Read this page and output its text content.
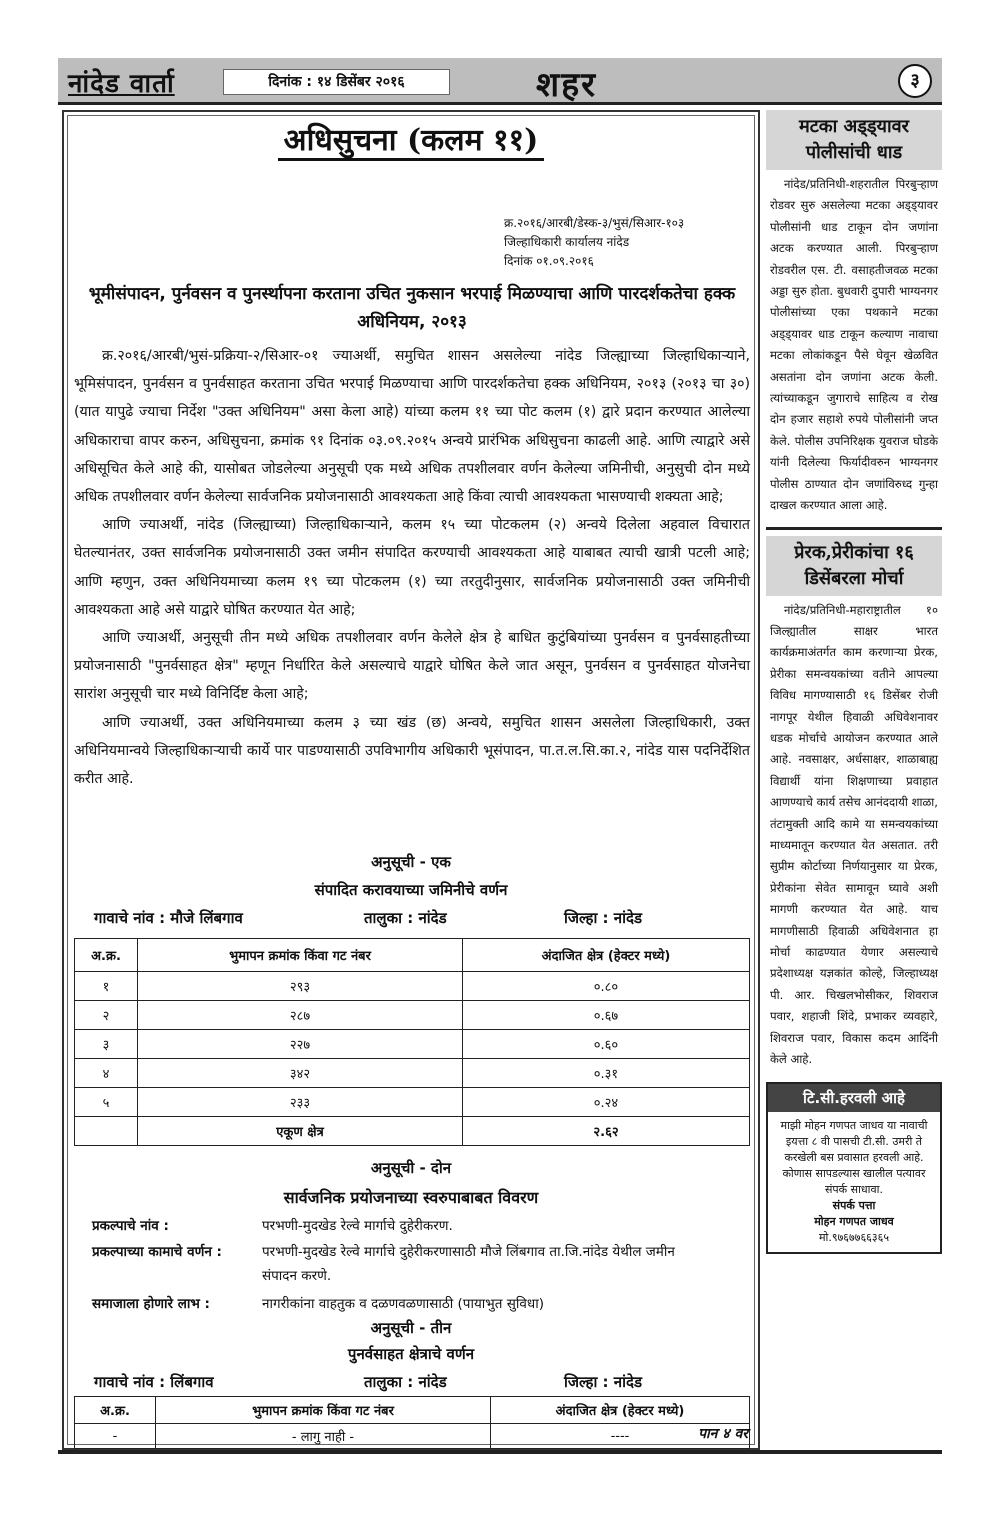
नांदेड वार्ता	दिनांक : १४ डिसेंबर २०१६	शहर	३
अधिसुचना (कलम ११)
क्र.२०१६/आरबी/डेस्क-३/भुसं/सिआर-१०३
जिल्हाधिकारी कार्यालय नांदेड
दिनांक ०१.०९.२०१६
भूमीसंपादन, पुर्नवसन व पुनर्स्थापना करताना उचित नुकसान भरपाई मिळण्याचा आणि पारदर्शकतेचा हक्क अधिनियम, २०१३

क्र.२०१६/आरबी/भुसं-प्रक्रिया-२/सिआर-०१ ज्याअर्थी, समुचित शासन असलेल्या नांदेड जिल्ह्याच्या जिल्हाधिकाऱ्याने, भूमिसंपादन, पुनर्वसन व पुनर्वसाहत करताना उचित भरपाई मिळण्याचा आणि पारदर्शकतेचा हक्क अधिनियम, २०१३ (२०१३ चा ३०) (यात यापुढे ज्याचा निर्देश "उक्त अधिनियम" असा केला आहे) यांच्या कलम ११ च्या पोट कलम (१) द्वारे प्रदान करण्यात आलेल्या अधिकाराचा वापर करुन, अधिसुचना, क्रमांक ९१ दिनांक ०३.०९.२०१५ अन्वये प्रारंभिक अधिसुचना काढली आहे. आणि त्याद्वारे असे अधिसूचित केले आहे की, यासोबत जोडलेल्या अनुसूची एक मध्ये अधिक तपशीलवार वर्णन केलेल्या जमिनीची, अनुसुची दोन मध्ये अधिक तपशीलवार वर्णन केलेल्या सार्वजनिक प्रयोजनासाठी आवश्यकता आहे किंवा त्याची आवश्यकता भासण्याची शक्यता आहे;

आणि ज्याअर्थी, नांदेड (जिल्ह्याच्या) जिल्हाधिकाऱ्याने, कलम १५ च्या पोटकलम (२) अन्वये दिलेला अहवाल विचारात घेतल्यानंतर, उक्त सार्वजनिक प्रयोजनासाठी उक्त जमीन संपादित करण्याची आवश्यकता आहे याबाबत त्याची खात्री पटली आहे; आणि म्हणुन, उक्त अधिनियमाच्या कलम १९ च्या पोटकलम (१) च्या तरतुदीनुसार, सार्वजनिक प्रयोजनासाठी उक्त जमिनीची आवश्यकता आहे असे याद्वारे घोषित करण्यात येत आहे;

आणि ज्याअर्थी, अनुसूची तीन मध्ये अधिक तपशीलवार वर्णन केलेले क्षेत्र हे बाधित कुटुंबियांच्या पुनर्वसन व पुनर्वसाहतीच्या प्रयोजनासाठी "पुनर्वसाहत क्षेत्र" म्हणून निर्धारित केले असल्याचे याद्वारे घोषित केले जात असून, पुनर्वसन व पुनर्वसाहत योजनेचा सारांश अनुसूची चार मध्ये विनिर्दिष्ट केला आहे;

आणि ज्याअर्थी, उक्त अधिनियमाच्या कलम ३ च्या खंड (छ) अन्वये, समुचित शासन असलेला जिल्हाधिकारी, उक्त अधिनियमान्वये जिल्हाधिकाऱ्याची कार्ये पार पाडण्यासाठी उपविभागीय अधिकारी भूसंपादन, पा.त.ल.सि.का.२, नांदेड यास पदनिर्देशित करीत आहे.

अनुसूची - एक
संपादित करावयाच्या जमिनीचे वर्णन
गावाचे नांव : मौजे लिंबगाव	तालुका : नांदेड	जिल्हा : नांदेड
अ.क्र.	भुमापन क्रमांक किंवा गट नंबर	अंदाजित क्षेत्र (हेक्टर मध्ये)
१	२९३	०.८०
२	२८७	०.६७
३	२२७	०.६०
४	३४२	०.३१
५	२३३	०.२४
	एकूण क्षेत्र	२.६२
अनुसूची - दोन
सार्वजनिक प्रयोजनाच्या स्वरुपाबाबत विवरण
प्रकल्पाचे नांव :	परभणी-मुदखेड रेल्वे मार्गाचे दुहेरीकरण.
प्रकल्पाच्या कामाचे वर्णन :	परभणी-मुदखेड रेल्वे मार्गाचे दुहेरीकरणासाठी मौजे लिंबगाव ता.जि.नांदेड येथील जमीन संपादन करणे.
समाजाला होणारे लाभ :	नागरीकांना वाहतुक व दळणवळणासाठी (पायाभुत सुविधा)
अनुसूची - तीन
पुनर्वसाहत क्षेत्राचे वर्णन
गावाचे नांव : लिंबगाव	तालुका : नांदेड	जिल्हा : नांदेड
अ.क्र.	भुमापन क्रमांक किंवा गट नंबर	अंदाजित क्षेत्र (हेक्टर मध्ये)
-	- लागु नाही -	----	पान ४ वर
मटका अड्ड्यावर पोलीसांची धाड
नांदेड/प्रतिनिधी-शहरातील पिरबुऱ्हाण रोडवर सुरु असलेल्या मटका अड्ड्यावर पोलीसांनी धाड टाकून दोन जणांना अटक करण्यात आली. पिरबुऱ्हाण रोडवरील एस. टी. वसाहतीजवळ मटका अड्डा सुरु होता. बुधवारी दुपारी भाग्यनगर पोलीसांच्या एका पथकाने मटका अड्ड्यावर धाड टाकून कल्याण नावाचा मटका लोकांकडून पैसे घेवून खेळवित असतांना दोन जणांना अटक केली. त्यांच्याकडून जुगाराचे साहित्य व रोख दोन हजार सहाशे रुपये पोलीसांनी जप्त केले. पोलीस उपनिरिक्षक युवराज घोडके यांनी दिलेल्या फिर्यादीवरुन भाग्यनगर पोलीस ठाण्यात दोन जणांविरुध्द गुन्हा दाखल करण्यात आला आहे.
प्रेरक,प्रेरीकांचा १६ डिसेंबरला मोर्चा
नांदेड/प्रतिनिधी-महाराष्ट्रातील १० जिल्ह्यातील साक्षर भारत कार्यक्रमाअंतर्गत काम करणाऱ्या प्रेरक, प्रेरीका समन्वयकांच्या वतीने आपल्या विविध मागण्यासाठी १६ डिसेंबर रोजी नागपूर येथील हिवाळी अधिवेशनावर धडक मोर्चाचे आयोजन करण्यात आले आहे. नवसाक्षर, अर्धसाक्षर, शाळाबाह्य विद्यार्थी यांना शिक्षणाच्या प्रवाहात आणण्याचे कार्य तसेच आनंददायी शाळा, तंटामुक्ती आदि कामे या समन्वयकांच्या माध्यमातून करण्यात येत असतात. तरी सुप्रीम कोर्टाच्या निर्णयानुसार या प्रेरक, प्रेरीकांना सेवेत सामावून घ्यावे अशी मागणी करण्यात येत आहे. याच मागणीसाठी हिवाळी अधिवेशनात हा मोर्चा काढण्यात येणार असल्याचे प्रदेशाध्यक्ष यज्ञकांत कोल्हे, जिल्हाध्यक्ष पी. आर. चिखलभोसीकर, शिवराज पवार, शहाजी शिंदे, प्रभाकर व्यवहारे, शिवराज पवार, विकास कदम आदिंनी केले आहे.
टि.सी.हरवली आहे
माझी मोहन गणपत जाधव या नावाची इयत्ता ८ वी पासची टी.सी. उमरी ते करखेली बस प्रवासात हरवली आहे. कोणास सापडल्यास खालील पत्यावर संपर्क साधावा.
संपर्क पत्ता
मोहन गणपत जाधव
मो.९७६७७६६३६५
